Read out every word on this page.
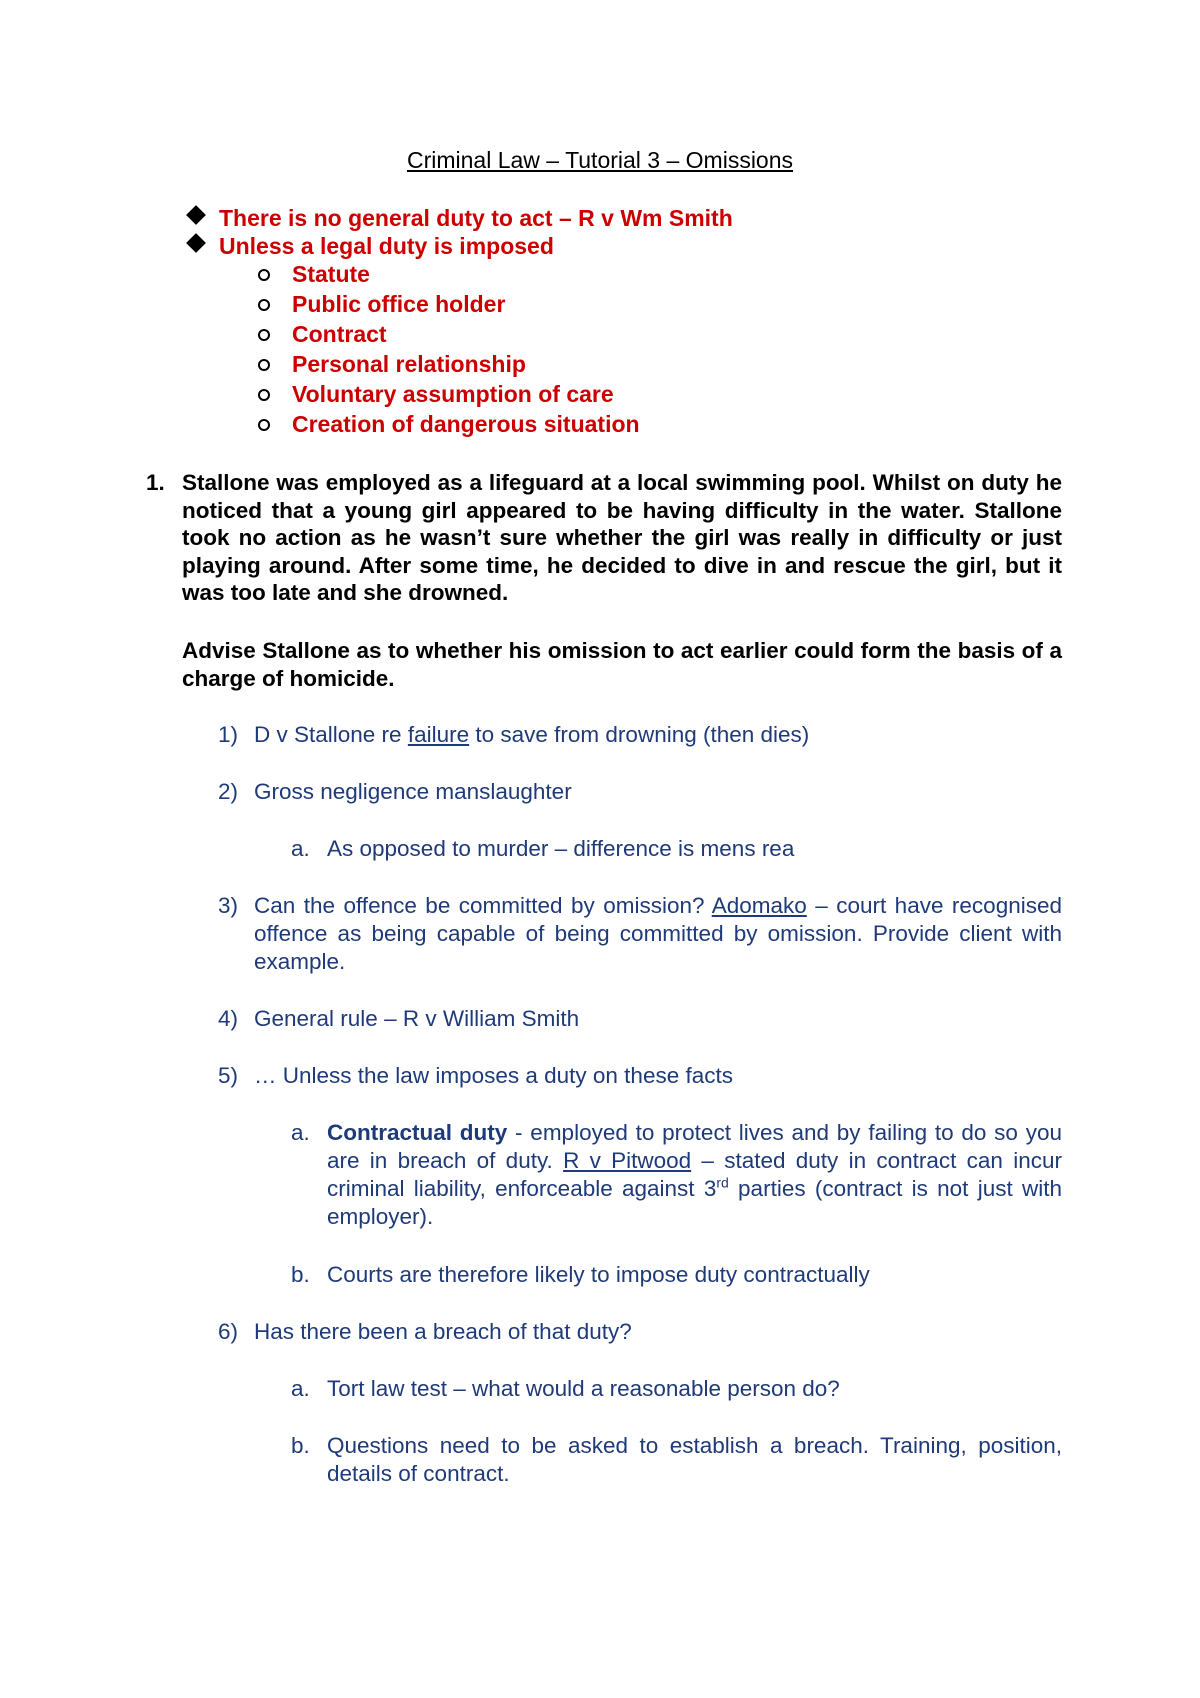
Criminal Law – Tutorial 3 – Omissions
There is no general duty to act – R v Wm Smith
Unless a legal duty is imposed
Statute
Public office holder
Contract
Personal relationship
Voluntary assumption of care
Creation of dangerous situation
1. Stallone was employed as a lifeguard at a local swimming pool. Whilst on duty he noticed that a young girl appeared to be having difficulty in the water. Stallone took no action as he wasn’t sure whether the girl was really in difficulty or just playing around. After some time, he decided to dive in and rescue the girl, but it was too late and she drowned.
Advise Stallone as to whether his omission to act earlier could form the basis of a charge of homicide.
1) D v Stallone re failure to save from drowning (then dies)
2) Gross negligence manslaughter
a. As opposed to murder – difference is mens rea
3) Can the offence be committed by omission? Adomako – court have recognised offence as being capable of being committed by omission. Provide client with example.
4) General rule – R v William Smith
5) … Unless the law imposes a duty on these facts
a. Contractual duty - employed to protect lives and by failing to do so you are in breach of duty. R v Pitwood – stated duty in contract can incur criminal liability, enforceable against 3rd parties (contract is not just with employer).
b. Courts are therefore likely to impose duty contractually
6) Has there been a breach of that duty?
a. Tort law test – what would a reasonable person do?
b. Questions need to be asked to establish a breach. Training, position, details of contract.
